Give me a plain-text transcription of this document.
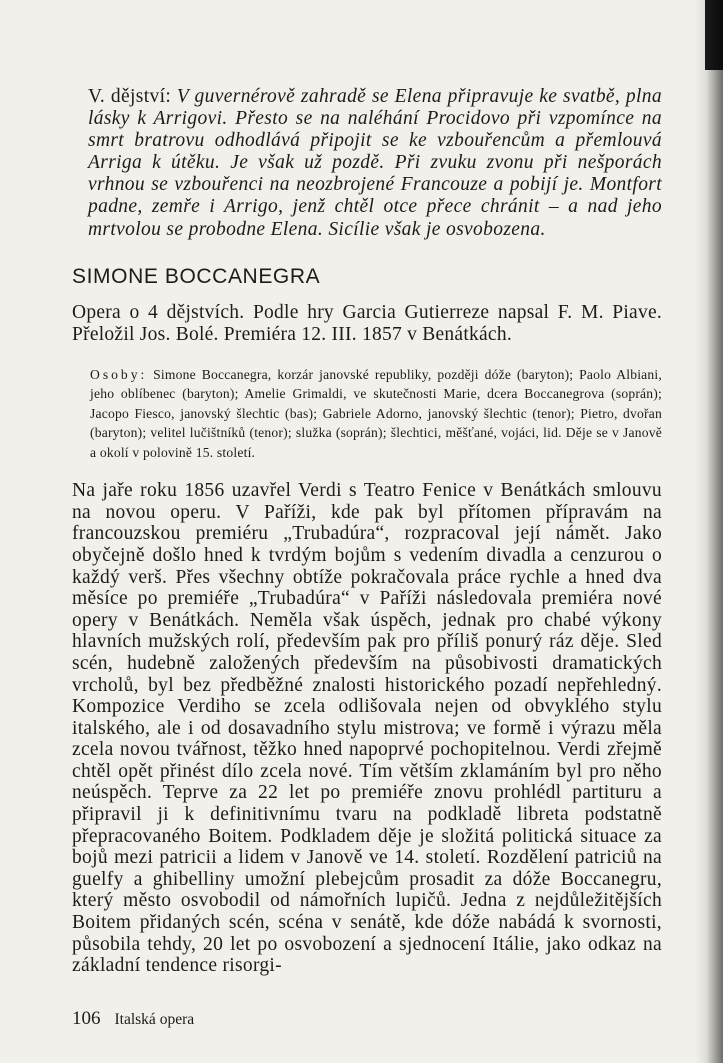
V. dějství: V guvernérově zahradě se Elena připravuje ke svatbě, plna lásky k Arrigovi. Přesto se na naléhání Procidovo při vzpomínce na smrt bratrovu odhodlává připojit se ke vzbouřencům a přemlouvá Arriga k útěku. Je však už pozdě. Při zvuku zvonu při nešporách vrhnou se vzbouřenci na neozbrojené Francouze a pobijí je. Montfort padne, zemře i Arrigo, jenž chtěl otce přece chránit – a nad jeho mrtvolou se probodne Elena. Sicílie však je osvobozena.

SIMONE BOCCANEGRA

Opera o 4 dějstvích. Podle hry Garcia Gutierreze napsal F. M. Piave. Přeložil Jos. Bolé. Premiéra 12. III. 1857 v Benátkách.

Osoby: Simone Boccanegra, korzár janovské republiky, později dóže (baryton); Paolo Albiani, jeho oblíbenec (baryton); Amelie Grimaldi, ve skutečnosti Marie, dcera Boccanegrova (soprán); Jacopo Fiesco, janovský šlechtic (bas); Gabriele Adorno, janovský šlechtic (tenor); Pietro, dvořan (baryton); velitel lučištníků (tenor); služka (soprán); šlechtici, měšťané, vojáci, lid. Děje se v Janově a okolí v polovině 15. století.

Na jaře roku 1856 uzavřel Verdi s Teatro Fenice v Benátkách smlouvu na novou operu. V Paříži, kde pak byl přítomen přípravám na francouzskou premiéru „Trubadúra“, rozpracoval její námět. Jako obyčejně došlo hned k tvrdým bojům s vedením divadla a cenzurou o každý verš. Přes všechny obtíže pokračovala práce rychle a hned dva měsíce po premiéře „Trubadúra“ v Paříži následovala premiéra nové opery v Benátkách. Neměla však úspěch, jednak pro chabé výkony hlavních mužských rolí, především pak pro příliš ponurý ráz děje. Sled scén, hudebně založených především na působivosti dramatických vrcholů, byl bez předběžné znalosti historického pozadí nepřehledný. Kompozice Verdiho se zcela odlišovala nejen od obvyklého stylu italského, ale i od dosavadního stylu mistrova; ve formě i výrazu měla zcela novou tvářnost, těžko hned napoprvé pochopitelnou. Verdi zřejmě chtěl opět přinést dílo zcela nové. Tím větším zklamáním byl pro něho neúspěch. Teprve za 22 let po premiéře znovu prohlédl partituru a připravil ji k definitivnímu tvaru na podkladě libreta podstatně přepracovaného Boitem. Podkladem děje je složitá politická situace za bojů mezi patricii a lidem v Janově ve 14. století. Rozdělení patriciů na guelfy a ghibelliny umožní plebejcům prosadit za dóže Boccanegru, který město osvobodil od námořních lupičů. Jedna z nejdůležitějších Boitem přidaných scén, scéna v senátě, kde dóže nabádá k svornosti, působila tehdy, 20 let po osvobození a sjednocení Itálie, jako odkaz na základní tendence risorgi-

106 Italská opera
